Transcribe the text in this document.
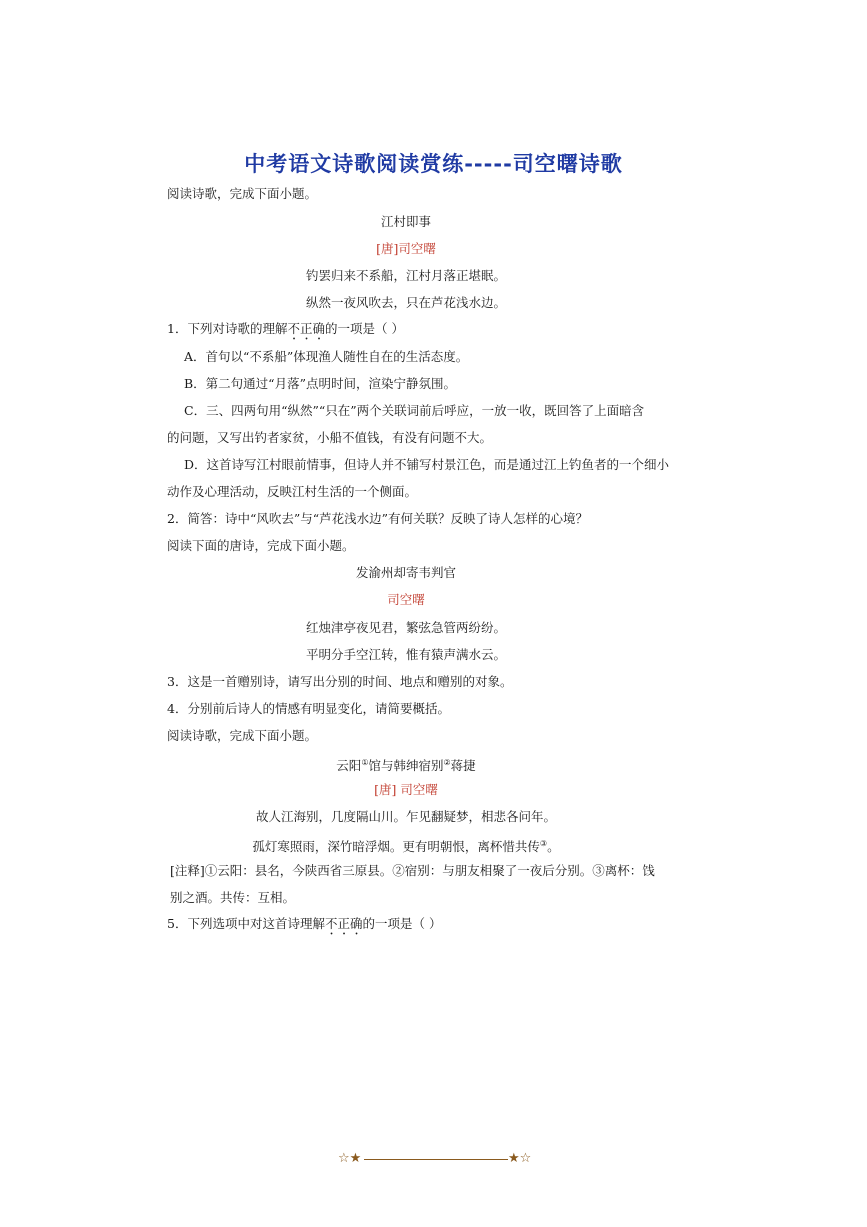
中考语文诗歌阅读赏练-----司空曙诗歌
阅读诗歌，完成下面小题。
江村即事
[唐]司空曙
钓罢归来不系船，江村月落正堪眠。
纵然一夜风吹去，只在芦花浅水边。
1．下列对诗歌的理解不正确的一项是（ ）
A．首句以“不系船”体现渔人随性自在的生活态度。
B．第二句通过“月落”点明时间，渲染宁静氛围。
C．三、四两句用“纵然”“只在”两个关联词前后呼应，一放一收，既回答了上面暗含
的问题，又写出钓者家贫，小船不值钱，有没有问题不大。
D．这首诗写江村眼前情事，但诗人并不铺写村景江色，而是通过江上钓鱼者的一个细小
动作及心理活动，反映江村生活的一个侧面。
2．简答：诗中“风吹去”与“芦花浅水边”有何关联？反映了诗人怎样的心境？
阅读下面的唐诗，完成下面小题。
发渝州却寄韦判官
司空曙
红烛津亭夜见君，繁弦急管两纷纷。
平明分手空江转，惟有猿声满水云。
3．这是一首赠别诗，请写出分别的时间、地点和赠别的对象。
4．分别前后诗人的情感有明显变化，请简要概括。
阅读诗歌，完成下面小题。
云阳①馆与韩绅宿别②蒋捷
[唐] 司空曙
故人江海别，几度隔山川。乍见翻疑梦，相悲各问年。
孤灯寒照雨，深竹暗浮烟。更有明朝恨，离杯惜共传③。
[注释]①云阳：县名，今陕西省三原县。②宿别：与朋友相聚了一夜后分别。③离杯：饯
别之酒。共传：互相。
5．下列选项中对这首诗理解不正确的一项是（ ）
☆★	★☆
